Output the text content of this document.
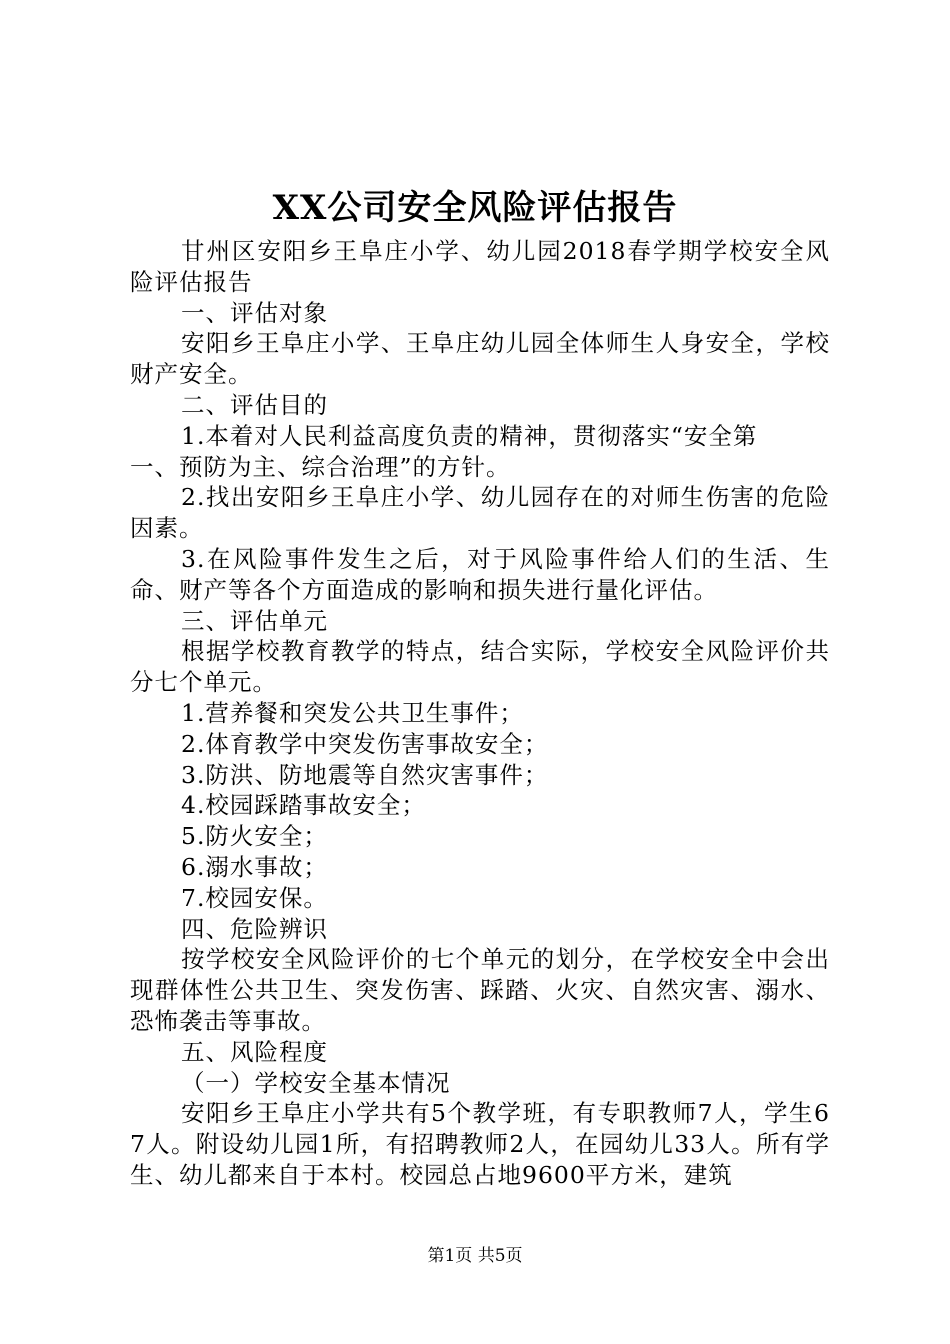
XX公司安全风险评估报告

甘州区安阳乡王阜庄小学、幼儿园2018春学期学校安全风险评估报告

一、评估对象

安阳乡王阜庄小学、王阜庄幼儿园全体师生人身安全，学校财产安全。

二、评估目的

1.本着对人民利益高度负责的精神，贯彻落实“安全第

一、预防为主、综合治理”的方针。

2.找出安阳乡王阜庄小学、幼儿园存在的对师生伤害的危险因素。

3.在风险事件发生之后，对于风险事件给人们的生活、生命、财产等各个方面造成的影响和损失进行量化评估。

三、评估单元

根据学校教育教学的特点，结合实际，学校安全风险评价共分七个单元。

1.营养餐和突发公共卫生事件；

2.体育教学中突发伤害事故安全；

3.防洪、防地震等自然灾害事件；

4.校园踩踏事故安全；

5.防火安全；

6.溺水事故；

7.校园安保。

四、危险辨识

按学校安全风险评价的七个单元的划分，在学校安全中会出现群体性公共卫生、突发伤害、踩踏、火灾、自然灾害、溺水、恐怖袭击等事故。

五、风险程度

（一）学校安全基本情况

安阳乡王阜庄小学共有5个教学班，有专职教师7人，学生67人。附设幼儿园1所，有招聘教师2人，在园幼儿33人。所有学生、幼儿都来自于本村。校园总占地9600平方米，建筑

第1页 共5页
